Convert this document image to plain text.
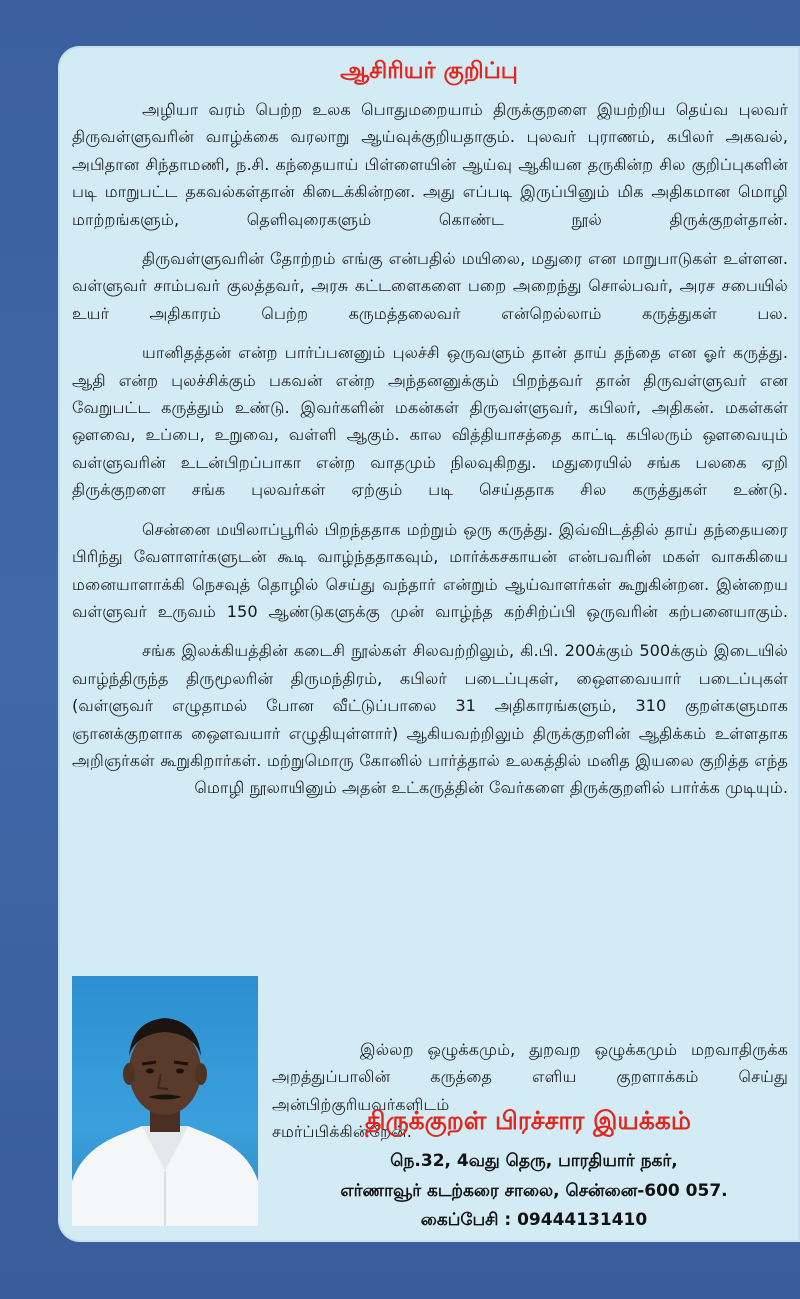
ஆசிரியர் குறிப்பு

அழியா வரம் பெற்ற உலக பொதுமறையாம் திருக்குறளை இயற்றிய தெய்வ புலவர் திருவள்ளுவரின் வாழ்க்கை வரலாறு ஆய்வுக்குறியதாகும். புலவர் புராணம், கபிலர் அகவல், அபிதான சிந்தாமணி, ந.சி. கந்தையாய் பிள்ளையின் ஆய்வு ஆகியன தருகின்ற சில குறிப்புகளின் படி மாறுபட்ட தகவல்கள்தான் கிடைக்கின்றன. அது எப்படி இருப்பினும் மிக அதிகமான மொழி மாற்றங்களும், தெளிவுரைகளும் கொண்ட நூல் திருக்குறள்தான்.

திருவள்ளுவரின் தோற்றம் எங்கு என்பதில் மயிலை, மதுரை என மாறுபாடுகள் உள்ளன. வள்ளுவர் சாம்பவர் குலத்தவர், அரசு கட்டளைகளை பறை அறைந்து சொல்பவர், அரச சபையில் உயர் அதிகாரம் பெற்ற கருமத்தலைவர் என்றெல்லாம் கருத்துகள் பல.

யானிதத்தன் என்ற பார்ப்பனனும் புலச்சி ஒருவளும் தான் தாய் தந்தை என ஓர் கருத்து. ஆதி என்ற புலச்சிக்கும் பகவன் என்ற அந்தனனுக்கும் பிறந்தவர் தான் திருவள்ளுவர் என வேறுபட்ட கருத்தும் உண்டு. இவர்களின் மகன்கள் திருவள்ளுவர், கபிலர், அதிகன். மகள்கள் ஔவை, உப்பை, உறுவை, வள்ளி ஆகும். கால வித்தியாசத்தை காட்டி கபிலரும் ஔவையும் வள்ளுவரின் உடன்பிறப்பாகா என்ற வாதமும் நிலவுகிறது. மதுரையில் சங்க பலகை ஏறி திருக்குறளை சங்க புலவர்கள் ஏற்கும் படி செய்ததாக சில கருத்துகள் உண்டு.

சென்னை மயிலாப்பூரில் பிறந்ததாக மற்றும் ஒரு கருத்து. இவ்விடத்தில் தாய் தந்தையரை பிரிந்து வேளாளர்களுடன் கூடி வாழ்ந்ததாகவும், மார்க்கசகாயன் என்பவரின் மகள் வாசுகியை மனையாளாக்கி நெசவுத் தொழில் செய்து வந்தார் என்றும் ஆய்வாளர்கள் கூறுகின்றன. இன்றைய வள்ளுவர் உருவம் 150 ஆண்டுகளுக்கு முன் வாழ்ந்த கற்சிற்ப்பி ஒருவரின் கற்பனையாகும்.

சங்க இலக்கியத்தின் கடைசி நூல்கள் சிலவற்றிலும், கி.பி. 200க்கும் 500க்கும் இடையில் வாழ்ந்திருந்த திருமூலரின் திருமந்திரம், கபிலர் படைப்புகள், ஔைவையார் படைப்புகள் (வள்ளுவர் எழுதாமல் போன வீட்டுப்பாலை 31 அதிகாரங்களும், 310 குறள்களுமாக ஞானக்குறளாக ஔைவயார் எழுதியுள்ளார்) ஆகியவற்றிலும் திருக்குறளின் ஆதிக்கம் உள்ளதாக அறிஞர்கள் கூறுகிறார்கள். மற்றுமொரு கோனில் பார்த்தால் உலகத்தில் மனித இயலை குறித்த எந்த மொழி நூலாயினும் அதன் உட்கருத்தின் வேர்களை திருக்குறளில் பார்க்க முடியும்.

இல்லற ஒழுக்கமும், துறவற ஒழுக்கமும் மறவாதிருக்க அறத்துப்பாலின் கருத்தை எளிய குறளாக்கம் செய்து அன்பிற்குரியவர்களிடம்
சமர்ப்பிக்கின்றேன்.

திருக்குறள் பிரச்சார இயக்கம்
நெ.32, 4வது தெரு, பாரதியார் நகர்,
எர்ணாவூர் கடற்கரை சாலை, சென்னை-600 057.
கைப்பேசி : 09444131410
